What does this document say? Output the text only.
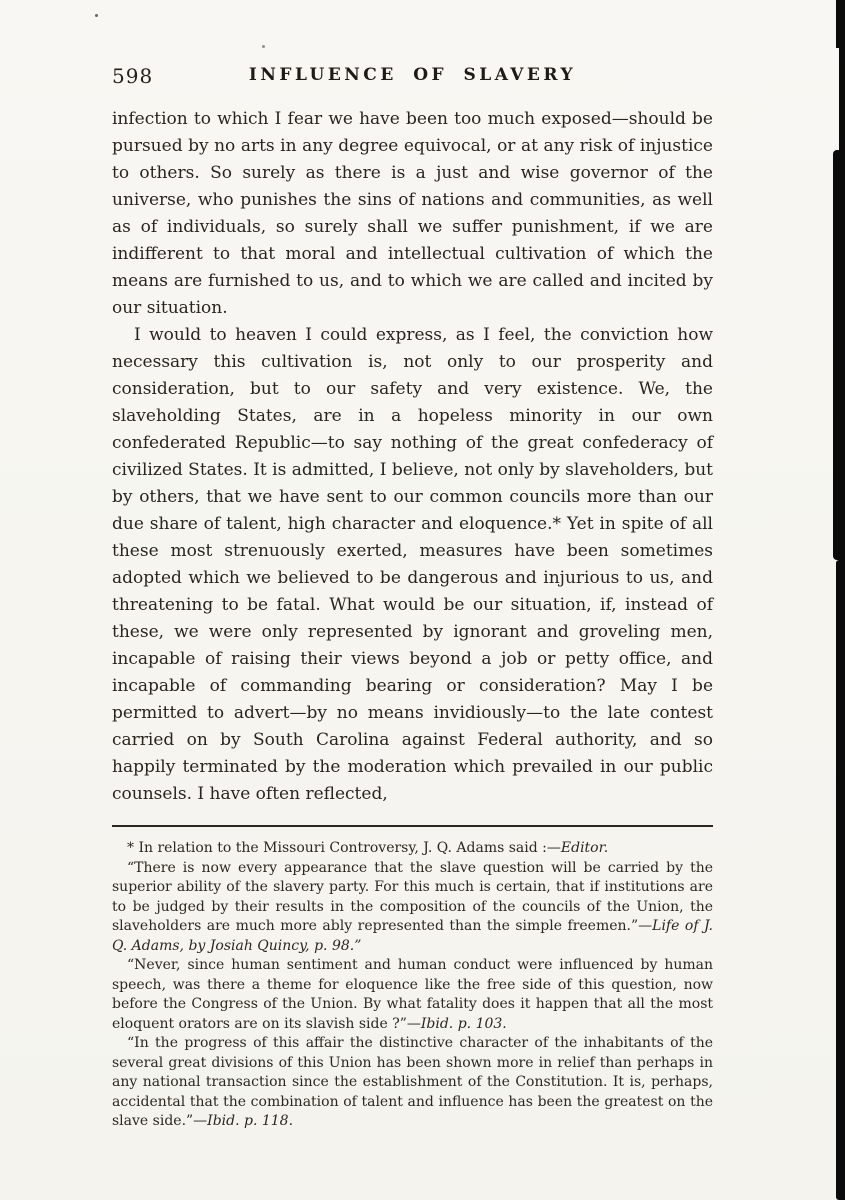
598	INFLUENCE OF SLAVERY

infection to which I fear we have been too much exposed—should be pursued by no arts in any degree equivocal, or at any risk of injustice to others. So surely as there is a just and wise governor of the universe, who punishes the sins of nations and communities, as well as of individuals, so surely shall we suffer punishment, if we are indifferent to that moral and intellectual cultivation of which the means are furnished to us, and to which we are called and incited by our situation.

I would to heaven I could express, as I feel, the conviction how necessary this cultivation is, not only to our prosperity and consideration, but to our safety and very existence. We, the slaveholding States, are in a hopeless minority in our own confederated Republic—to say nothing of the great confederacy of civilized States. It is admitted, I believe, not only by slaveholders, but by others, that we have sent to our common councils more than our due share of talent, high character and eloquence.* Yet in spite of all these most strenuously exerted, measures have been sometimes adopted which we believed to be dangerous and injurious to us, and threatening to be fatal. What would be our situation, if, instead of these, we were only represented by ignorant and groveling men, incapable of raising their views beyond a job or petty office, and incapable of commanding bearing or consideration? May I be permitted to advert—by no means invidiously—to the late contest carried on by South Carolina against Federal authority, and so happily terminated by the moderation which prevailed in our public counsels. I have often reflected,

* In relation to the Missouri Controversy, J. Q. Adams said :—Editor.

“There is now every appearance that the slave question will be carried by the superior ability of the slavery party. For this much is certain, that if institutions are to be judged by their results in the composition of the councils of the Union, the slaveholders are much more ably represented than the simple freemen.”—Life of J. Q. Adams, by Josiah Quincy, p. 98.”

“Never, since human sentiment and human conduct were influenced by human speech, was there a theme for eloquence like the free side of this question, now before the Congress of the Union. By what fatality does it happen that all the most eloquent orators are on its slavish side ?”—Ibid. p. 103.

“In the progress of this affair the distinctive character of the inhabitants of the several great divisions of this Union has been shown more in relief than perhaps in any national transaction since the establishment of the Constitution. It is, perhaps, accidental that the combination of talent and influence has been the greatest on the slave side.”—Ibid. p. 118.
